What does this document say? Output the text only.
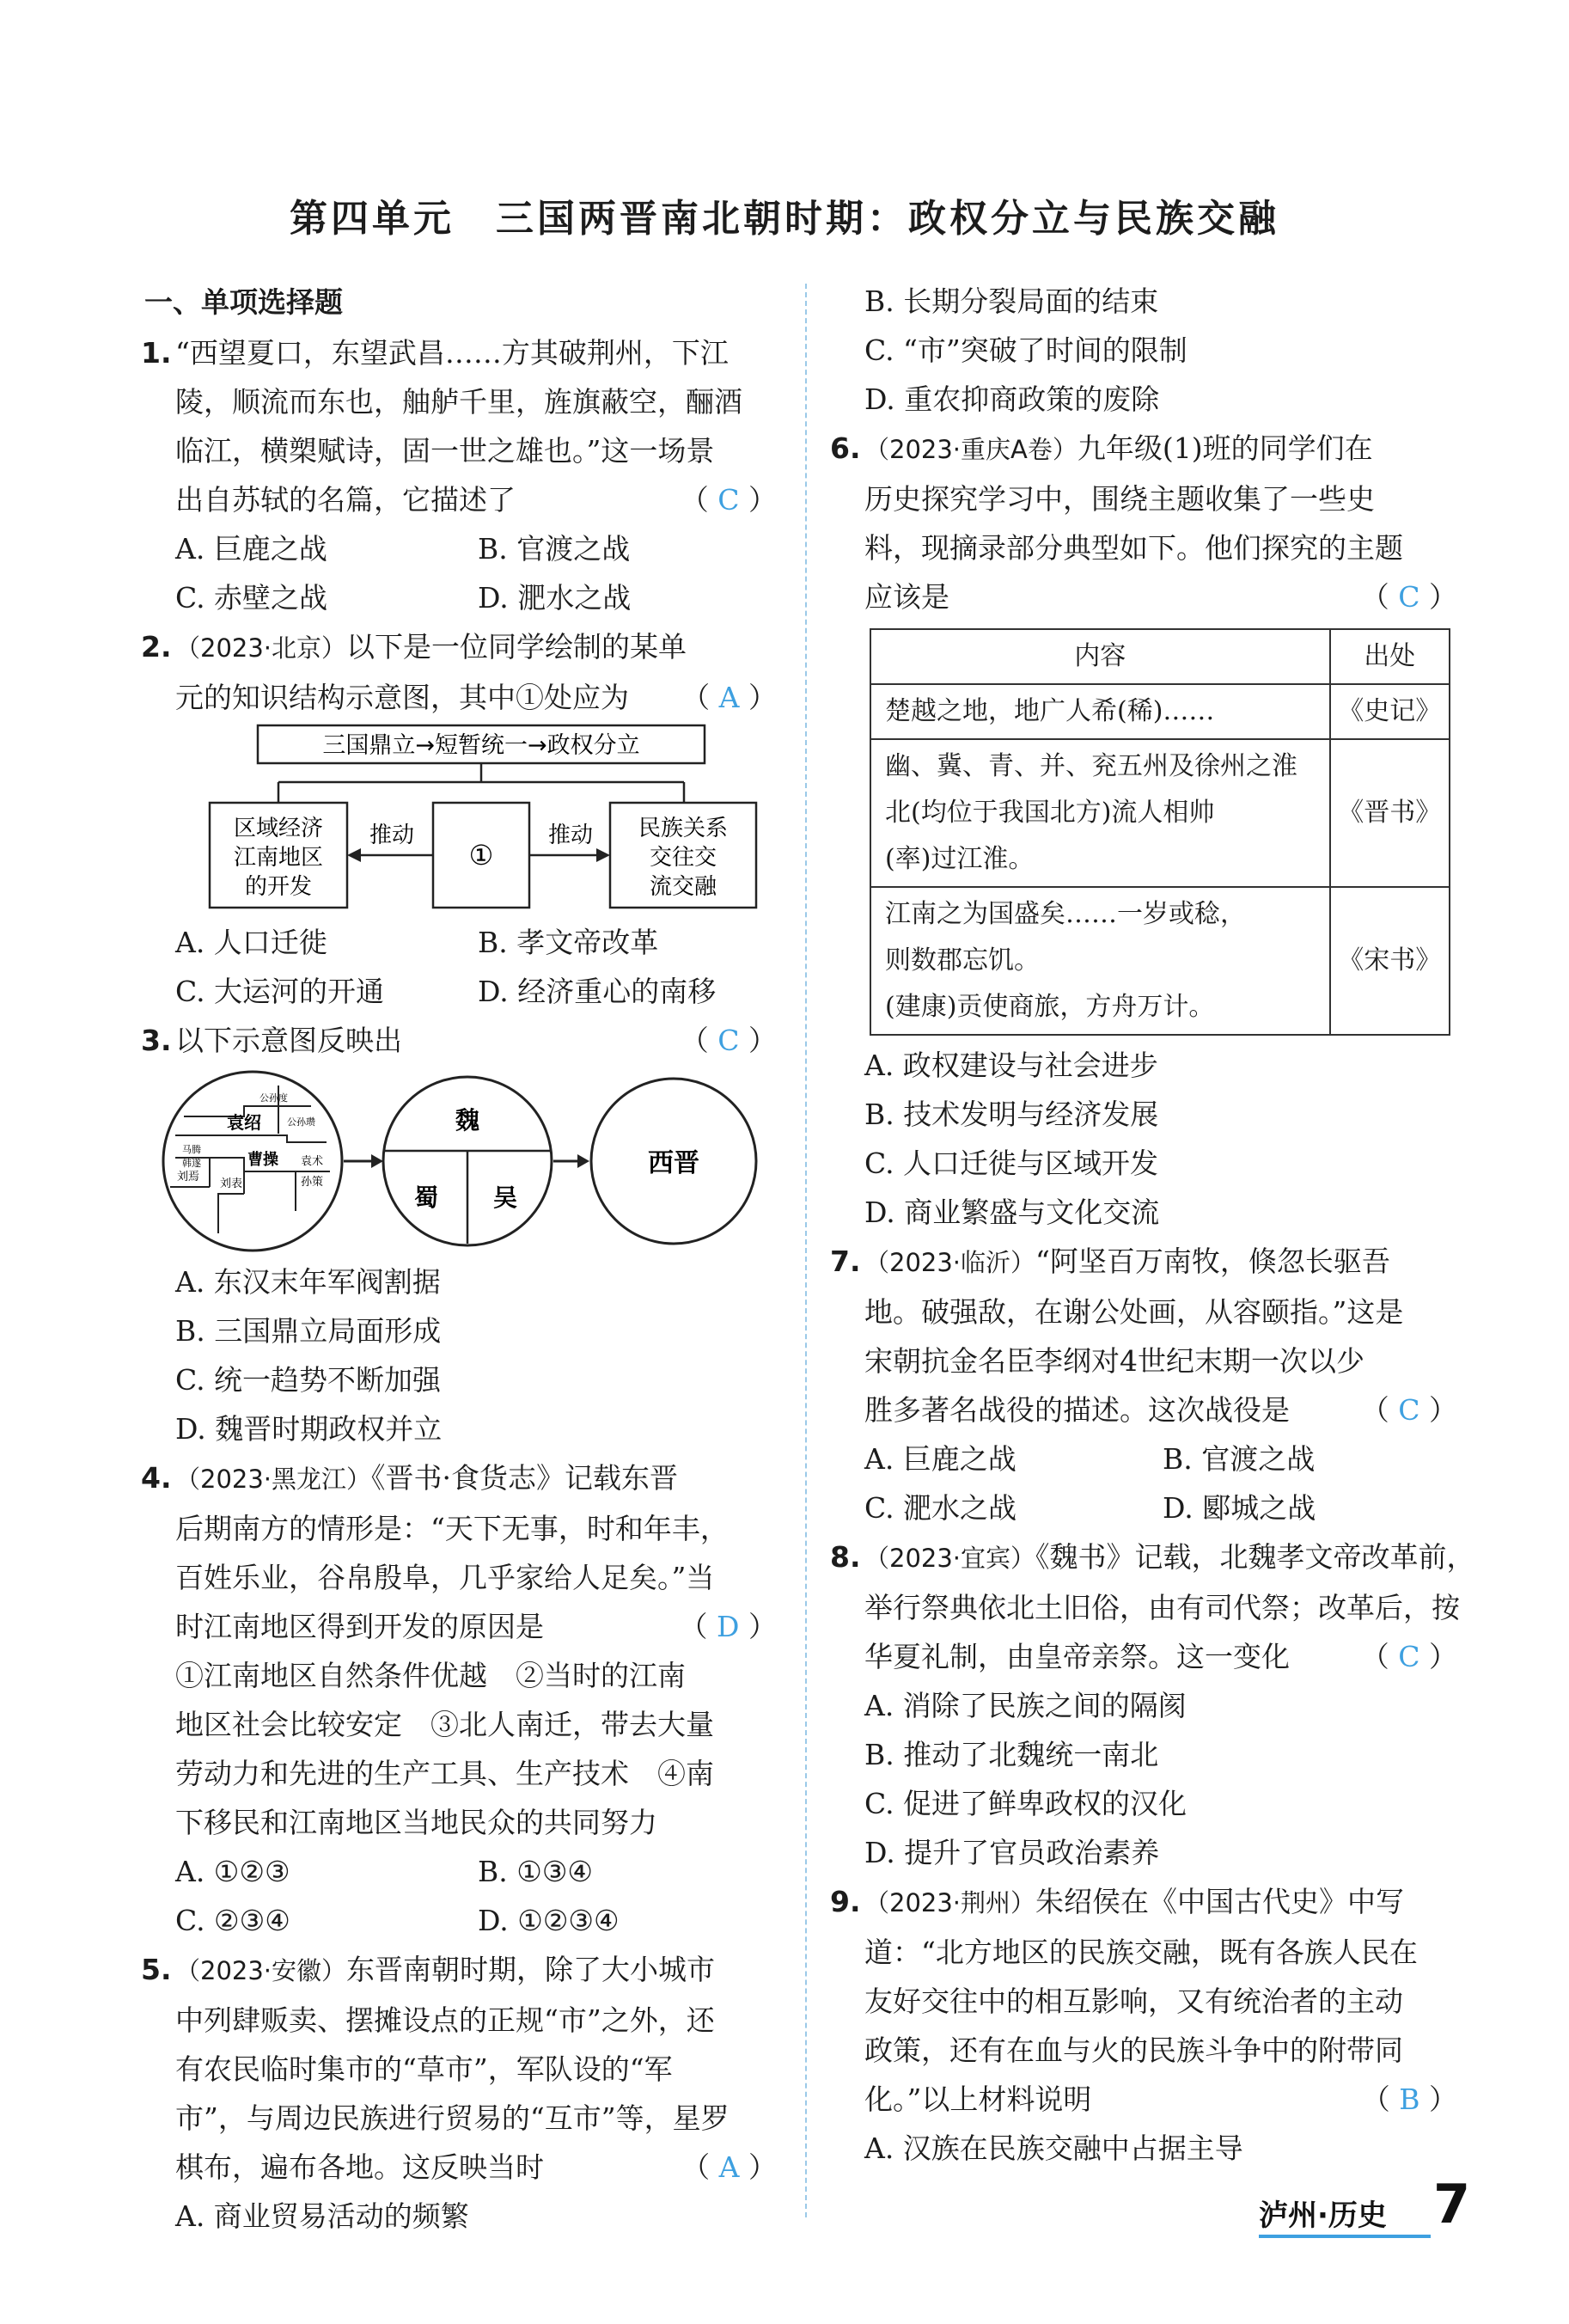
第四单元　三国两晋南北朝时期：政权分立与民族交融
一、单项选择题
1. “西望夏口，东望武昌……方其破荆州，下江
陵，顺流而东也，舳舻千里，旌旗蔽空，酾酒
临江，横槊赋诗，固一世之雄也。”这一场景
出自苏轼的名篇，它描述了	（ C ）
A. 巨鹿之战	B. 官渡之战
C. 赤壁之战	D. 淝水之战
2. （2023·北京）以下是一位同学绘制的某单
元的知识结构示意图，其中①处应为 （ A ）
三国鼎立→短暂统一→政权分立
区域经济
江南地区
的开发
①
民族关系
交往交
流交融
推动	推动
A. 人口迁徙	B. 孝文帝改革
C. 大运河的开通	D. 经济重心的南移
3. 以下示意图反映出	（ C ）
公孙度
公孙瓒
袁绍
马腾
韩遂	曹操
刘焉
刘表
袁术
孙策
魏
蜀 吴
西晋
A. 东汉末年军阀割据
B. 三国鼎立局面形成
C. 统一趋势不断加强
D. 魏晋时期政权并立
4. （2023·黑龙江）《晋书·食货志》记载东晋
后期南方的情形是：“天下无事，时和年丰，
百姓乐业，谷帛殷阜，几乎家给人足矣。”当
时江南地区得到开发的原因是	（ D ）
①江南地区自然条件优越　②当时的江南
地区社会比较安定　③北人南迁，带去大量
劳动力和先进的生产工具、生产技术　④南
下移民和江南地区当地民众的共同努力
A. ①②③	B. ①③④
C. ②③④	D. ①②③④
5. （2023·安徽）东晋南朝时期，除了大小城市
中列肆贩卖、摆摊设点的正规“市”之外，还
有农民临时集市的“草市”，军队设的“军
市”，与周边民族进行贸易的“互市”等，星罗
棋布，遍布各地。这反映当时	（ A ）
A. 商业贸易活动的频繁
B. 长期分裂局面的结束
C. “市”突破了时间的限制
D. 重农抑商政策的废除
6. （2023·重庆A卷）九年级(1)班的同学们在
历史探究学习中，围绕主题收集了一些史
料，现摘录部分典型如下。他们探究的主题
应该是	（ C ）
内容	出处
楚越之地，地广人希(稀)……	《史记》

幽、冀、青、并、兖五州及徐州之淮
北(均位于我国北方)流人相帅
(率)过江淮。	《晋书》

江南之为国盛矣……一岁或稔，
则数郡忘饥。
(建康)贡使商旅，方舟万计。	《宋书》
A. 政权建设与社会进步
B. 技术发明与经济发展
C. 人口迁徙与区域开发
D. 商业繁盛与文化交流
7. （2023·临沂）“阿坚百万南牧，倏忽长驱吾
地。破强敌，在谢公处画，从容颐指。”这是
宋朝抗金名臣李纲对4世纪末期一次以少
胜多著名战役的描述。这次战役是	（ C ）
A. 巨鹿之战	B. 官渡之战
C. 淝水之战	D. 郾城之战
8. （2023·宜宾）《魏书》记载，北魏孝文帝改革前，
举行祭典依北土旧俗，由有司代祭；改革后，按
华夏礼制，由皇帝亲祭。这一变化	（ C ）
A. 消除了民族之间的隔阂
B. 推动了北魏统一南北
C. 促进了鲜卑政权的汉化
D. 提升了官员政治素养
9. （2023·荆州）朱绍侯在《中国古代史》中写
道：“北方地区的民族交融，既有各族人民在
友好交往中的相互影响，又有统治者的主动
政策，还有在血与火的民族斗争中的附带同
化。”以上材料说明	（ B ）
A. 汉族在民族交融中占据主导
泸州·历史 7
